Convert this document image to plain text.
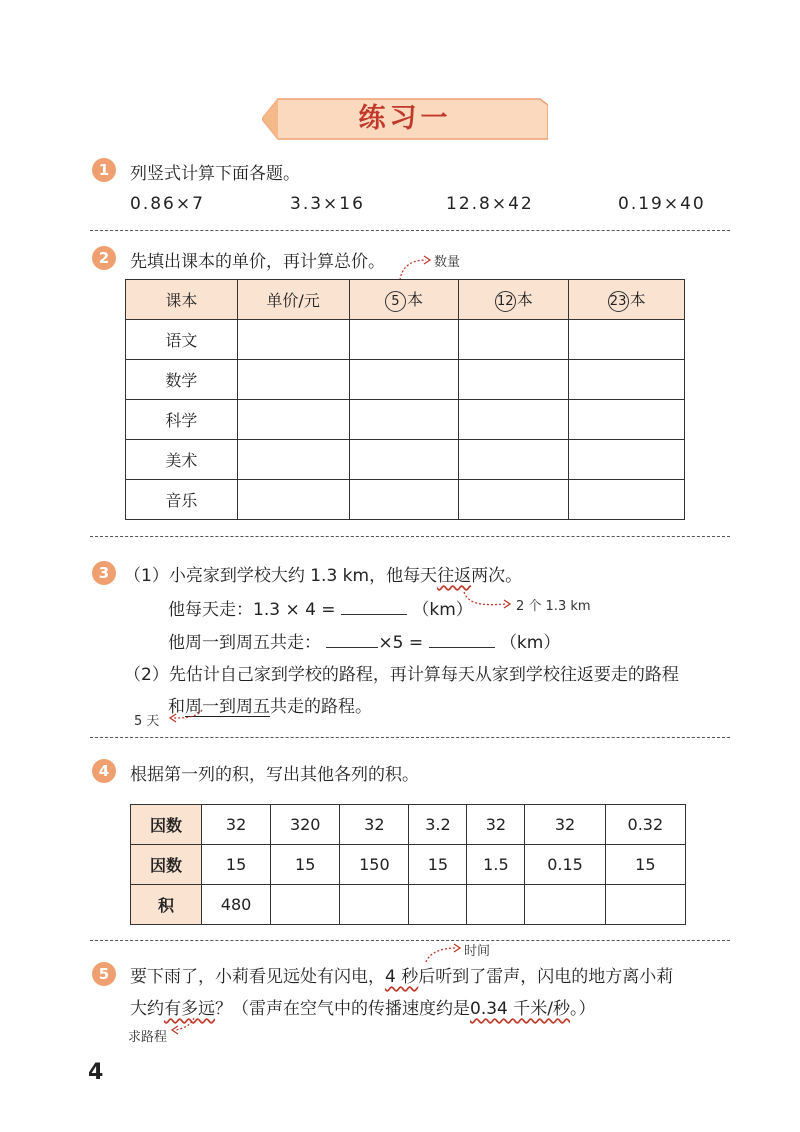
练习一
1	列竖式计算下面各题。
0.86×7	3.3×16	12.8×42	0.19×40
2	先填出课本的单价，再计算总价。	数量
课本	单价/元	5 本	12 本	23 本
语文				
数学				
科学				
美术				
音乐				
3 （1）小亮家到学校大约 1.3 km，他每天往返两次。
他每天走：1.3 × 4 =	（km）	2 个 1.3 km
他周一到周五共走：	×5 =	（km）
（2）先估计自己家到学校的路程，再计算每天从家到学校往返要走的路程
和周一到周五共走的路程。
5 天
4	根据第一列的积，写出其他各列的积。
因数	32	320	32	3.2	32	32	0.32
因数	15	15	150	15	1.5	0.15	15
积	480						
时间
5	要下雨了，小莉看见远处有闪电，4 秒后听到了雷声，闪电的地方离小莉
大约有多远？（雷声在空气中的传播速度约是0.34 千米/秒。）
求路程
4
